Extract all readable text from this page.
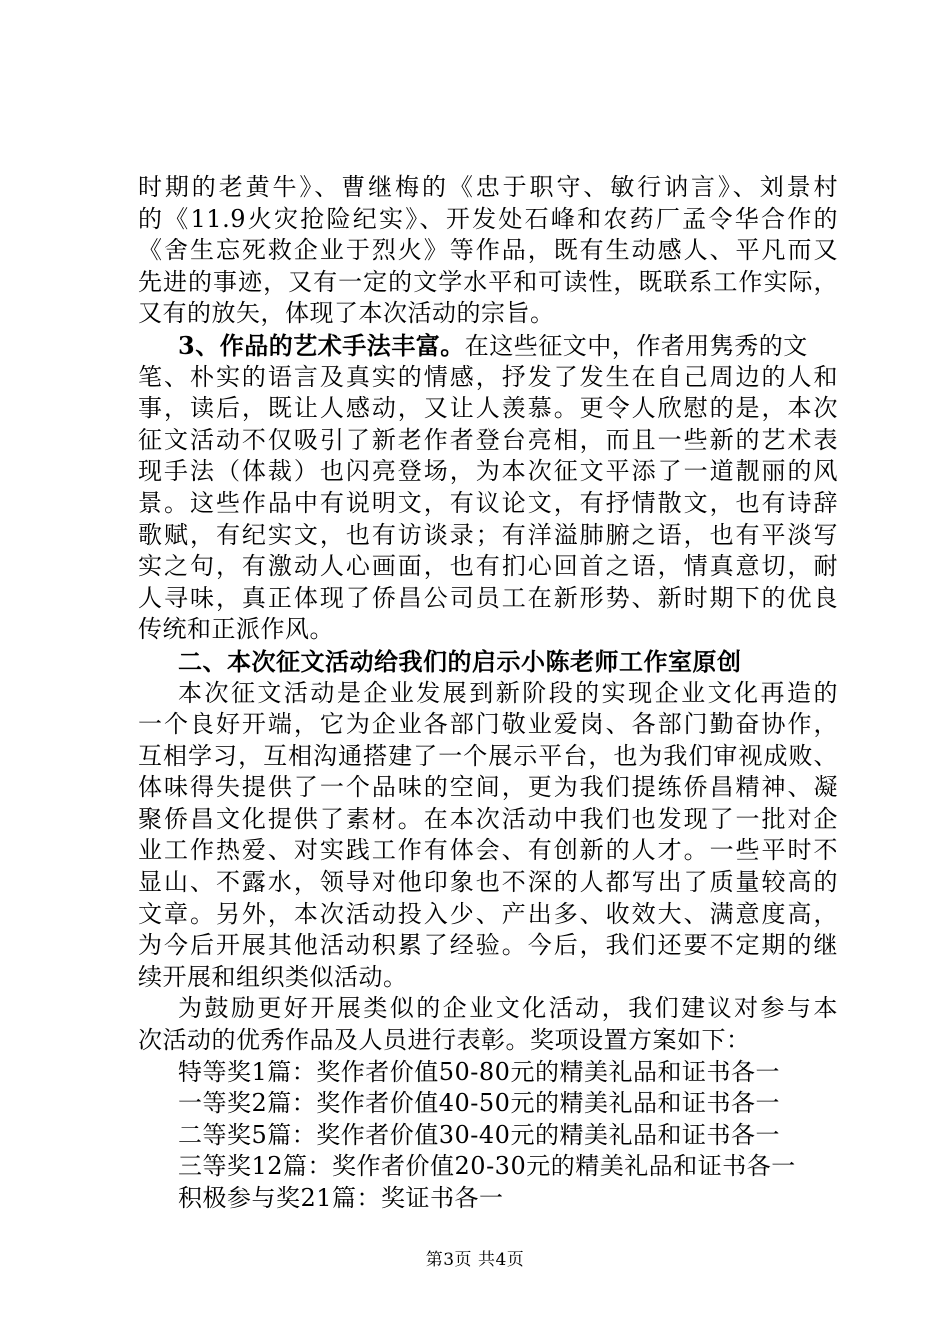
时期的老黄牛》、曹继梅的《忠于职守、敏行讷言》、刘景村
的《11.9火灾抢险纪实》、开发处石峰和农药厂孟令华合作的
《舍生忘死救企业于烈火》等作品，既有生动感人、平凡而又
先进的事迹，又有一定的文学水平和可读性，既联系工作实际，
又有的放矢，体现了本次活动的宗旨。
3、作品的艺术手法丰富。在这些征文中，作者用隽秀的文
笔、朴实的语言及真实的情感，抒发了发生在自己周边的人和
事，读后，既让人感动，又让人羡慕。更令人欣慰的是，本次
征文活动不仅吸引了新老作者登台亮相，而且一些新的艺术表
现手法（体裁）也闪亮登场，为本次征文平添了一道靓丽的风
景。这些作品中有说明文，有议论文，有抒情散文，也有诗辞
歌赋，有纪实文，也有访谈录；有洋溢肺腑之语，也有平淡写
实之句，有激动人心画面，也有扪心回首之语，情真意切，耐
人寻味，真正体现了侨昌公司员工在新形势、新时期下的优良
传统和正派作风。
二、本次征文活动给我们的启示小陈老师工作室原创
本次征文活动是企业发展到新阶段的实现企业文化再造的
一个良好开端，它为企业各部门敬业爱岗、各部门勤奋协作，
互相学习，互相沟通搭建了一个展示平台，也为我们审视成败、
体味得失提供了一个品味的空间，更为我们提练侨昌精神、凝
聚侨昌文化提供了素材。在本次活动中我们也发现了一批对企
业工作热爱、对实践工作有体会、有创新的人才。一些平时不
显山、不露水，领导对他印象也不深的人都写出了质量较高的
文章。另外，本次活动投入少、产出多、收效大、满意度高，
为今后开展其他活动积累了经验。今后，我们还要不定期的继
续开展和组织类似活动。
为鼓励更好开展类似的企业文化活动，我们建议对参与本
次活动的优秀作品及人员进行表彰。奖项设置方案如下：
特等奖1篇：奖作者价值50-80元的精美礼品和证书各一
一等奖2篇：奖作者价值40-50元的精美礼品和证书各一
二等奖5篇：奖作者价值30-40元的精美礼品和证书各一
三等奖12篇：奖作者价值20-30元的精美礼品和证书各一
积极参与奖21篇：奖证书各一
第3页 共4页
